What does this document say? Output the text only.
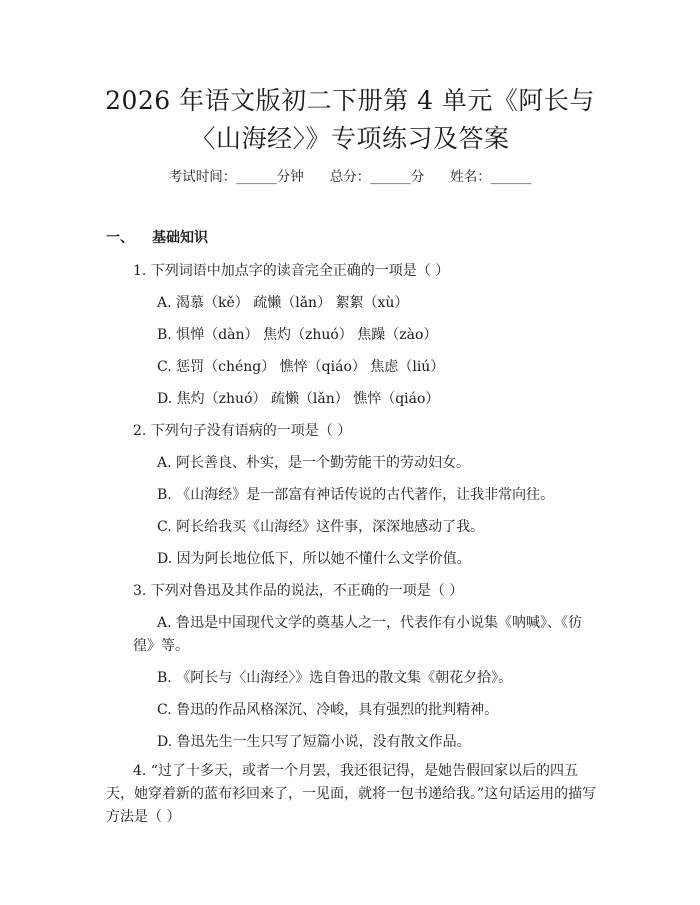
2026 年语文版初二下册第 4 单元《阿长与
〈山海经〉》专项练习及答案
考试时间：______分钟 总分：______分 姓名：______
一、 基础知识
1. 下列词语中加点字的读音完全正确的一项是（ ）
A. 渴慕（kě） 疏懒（lǎn） 絮絮（xù）
B. 惧惮（dàn） 焦灼（zhuó） 焦躁（zào）
C. 惩罚（chéng） 憔悴（qiáo） 焦虑（liú）
D. 焦灼（zhuó） 疏懒（lǎn） 憔悴（qiáo）
2. 下列句子没有语病的一项是（ ）
A. 阿长善良、朴实，是一个勤劳能干的劳动妇女。
B. 《山海经》是一部富有神话传说的古代著作，让我非常向往。
C. 阿长给我买《山海经》这件事，深深地感动了我。
D. 因为阿长地位低下，所以她不懂什么文学价值。
3. 下列对鲁迅及其作品的说法，不正确的一项是（ ）
A. 鲁迅是中国现代文学的奠基人之一，代表作有小说集《呐喊》、《彷
徨》等。
B. 《阿长与〈山海经〉》选自鲁迅的散文集《朝花夕拾》。
C. 鲁迅的作品风格深沉、冷峻，具有强烈的批判精神。
D. 鲁迅先生一生只写了短篇小说，没有散文作品。
4. “过了十多天，或者一个月罢，我还很记得，是她告假回家以后的四五
天，她穿着新的蓝布衫回来了，一见面，就将一包书递给我。”这句话运用的描写
方法是（ ）
